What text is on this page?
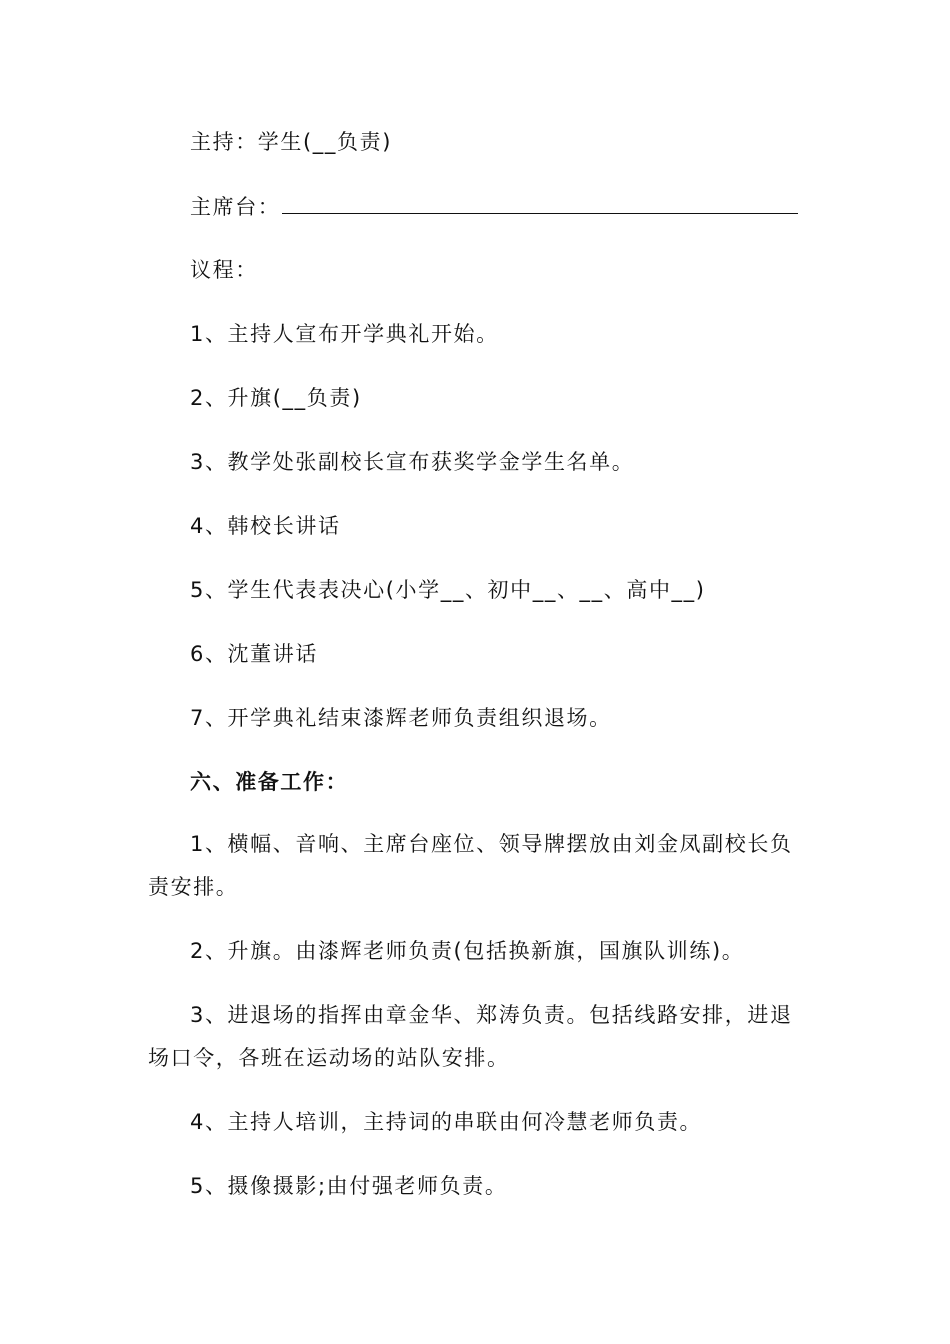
主持：学生(__负责)
主席台：
议程：
1、主持人宣布开学典礼开始。
2、升旗(__负责)
3、教学处张副校长宣布获奖学金学生名单。
4、韩校长讲话
5、学生代表表决心(小学__、初中__、__、高中__)
6、沈董讲话
7、开学典礼结束漆辉老师负责组织退场。
六、准备工作：
1、横幅、音响、主席台座位、领导牌摆放由刘金凤副校长负责安排。
2、升旗。由漆辉老师负责(包括换新旗，国旗队训练)。
3、进退场的指挥由章金华、郑涛负责。包括线路安排，进退场口令，各班在运动场的站队安排。
4、主持人培训，主持词的串联由何冷慧老师负责。
5、摄像摄影;由付强老师负责。
